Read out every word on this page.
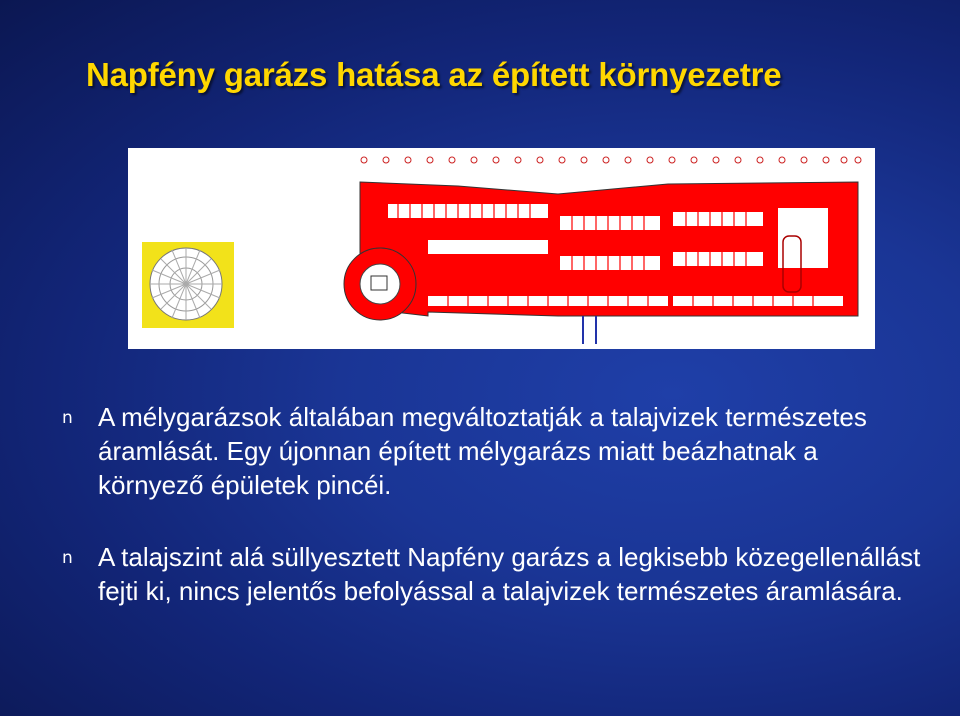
Napfény garázs hatása az épített környezetre
n A mélygarázsok általában megváltoztatják a talajvizek természetes áramlását. Egy újonnan épített mélygarázs miatt beázhatnak a környező épületek pincéi.
n A talajszint alá süllyesztett Napfény garázs a legkisebb közegellenállást fejti ki, nincs jelentős befolyással a talajvizek természetes áramlására.
